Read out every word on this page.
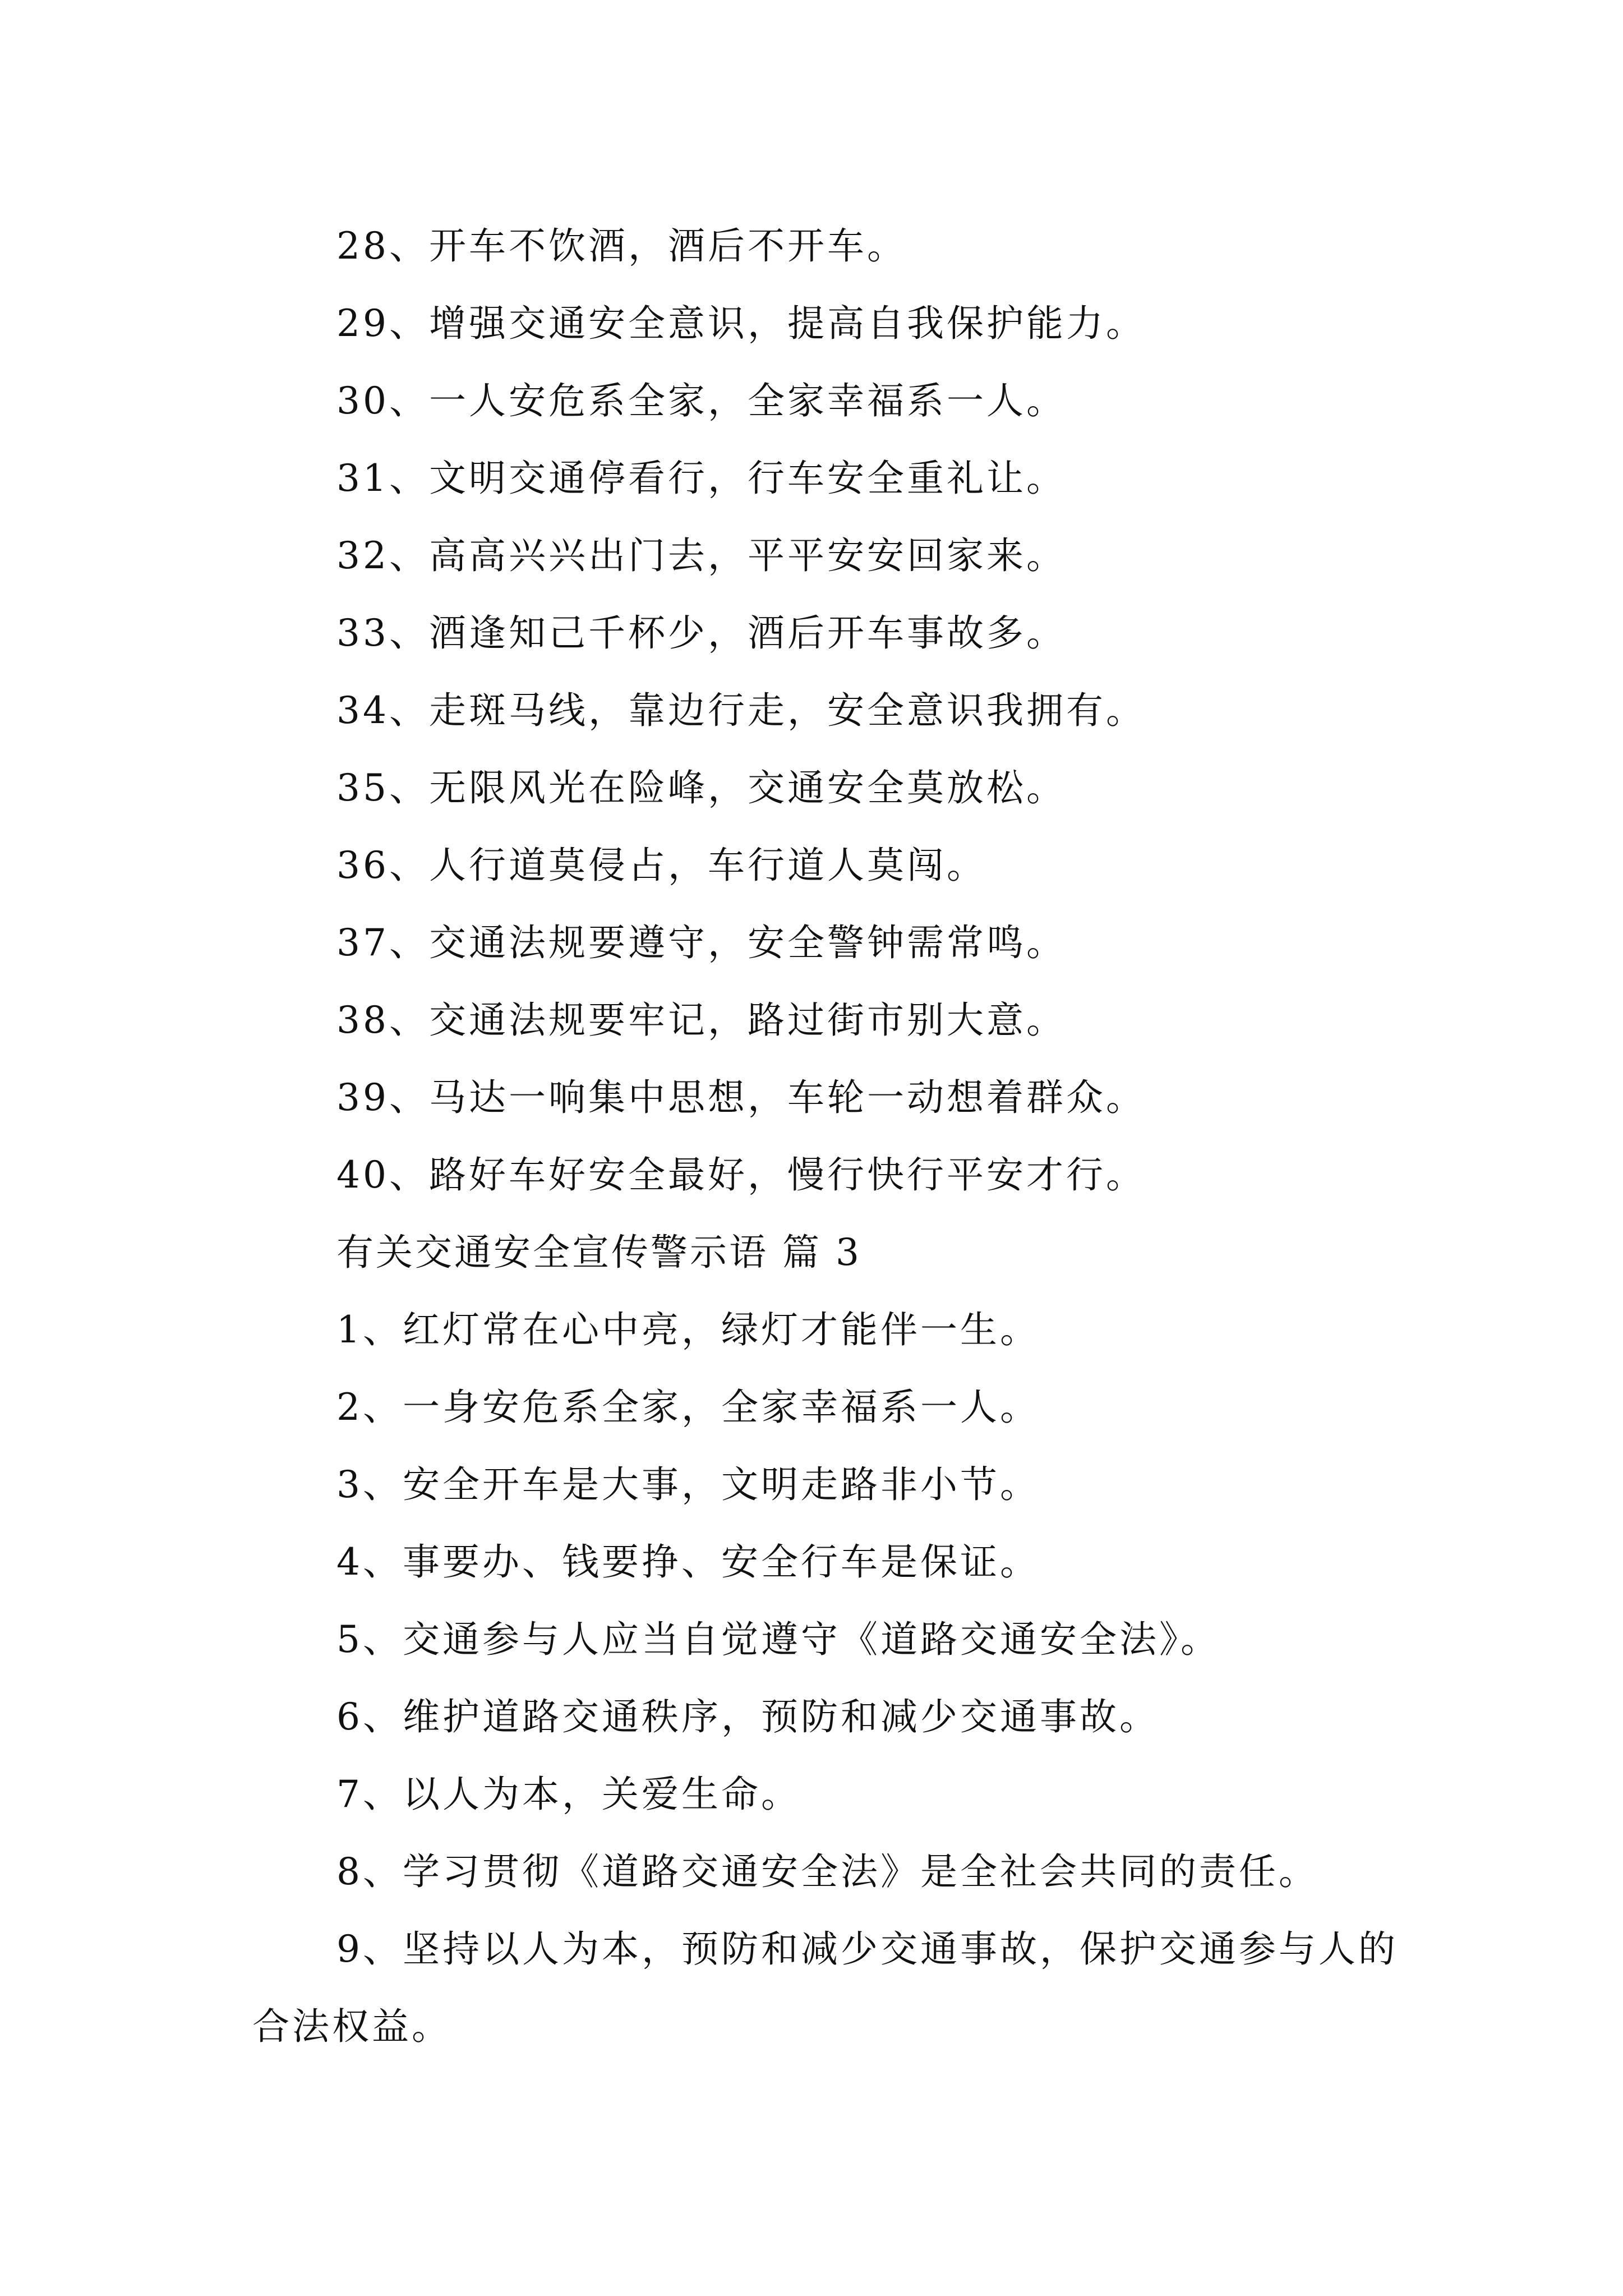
28、开车不饮酒，酒后不开车。
29、增强交通安全意识，提高自我保护能力。
30、一人安危系全家，全家幸福系一人。
31、文明交通停看行，行车安全重礼让。
32、高高兴兴出门去，平平安安回家来。
33、酒逢知己千杯少，酒后开车事故多。
34、走斑马线，靠边行走，安全意识我拥有。
35、无限风光在险峰，交通安全莫放松。
36、人行道莫侵占，车行道人莫闯。
37、交通法规要遵守，安全警钟需常鸣。
38、交通法规要牢记，路过街市别大意。
39、马达一响集中思想，车轮一动想着群众。
40、路好车好安全最好，慢行快行平安才行。
有关交通安全宣传警示语 篇 3
1、红灯常在心中亮，绿灯才能伴一生。
2、一身安危系全家，全家幸福系一人。
3、安全开车是大事，文明走路非小节。
4、事要办、钱要挣、安全行车是保证。
5、交通参与人应当自觉遵守《道路交通安全法》。
6、维护道路交通秩序，预防和减少交通事故。
7、以人为本，关爱生命。
8、学习贯彻《道路交通安全法》是全社会共同的责任。
9、坚持以人为本，预防和减少交通事故，保护交通参与人的合法权益。
